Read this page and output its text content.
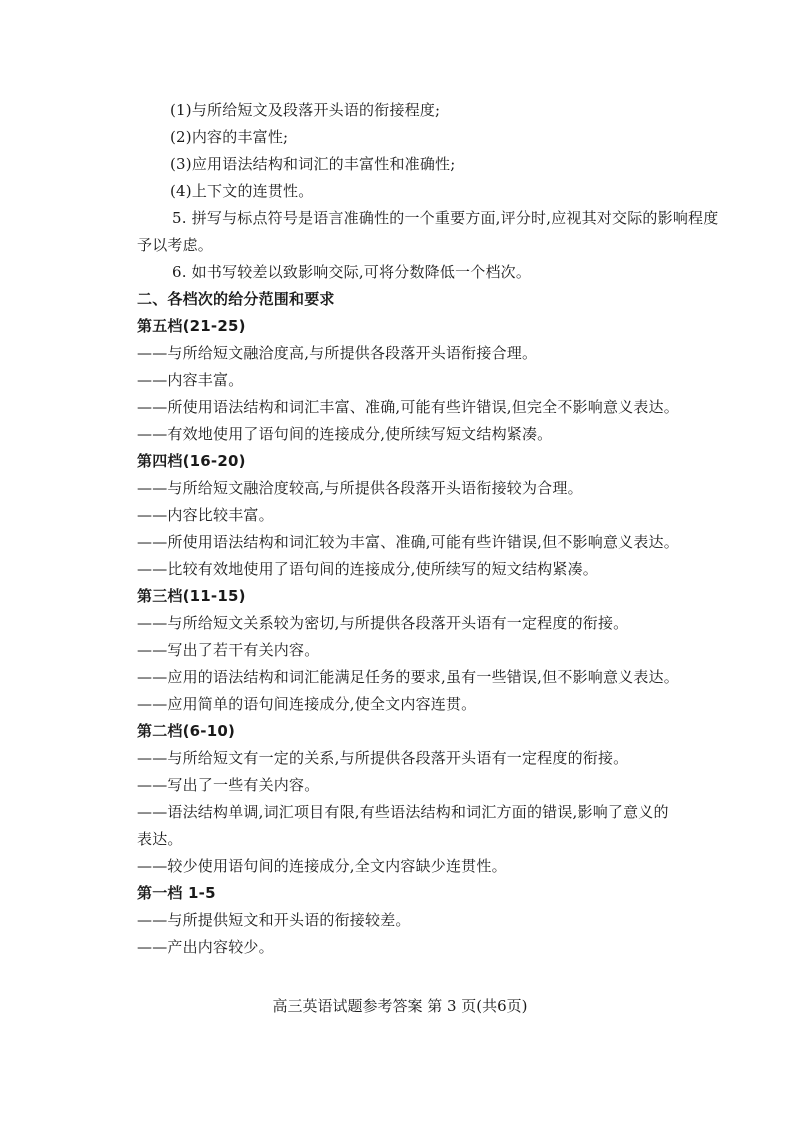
(1)与所给短文及段落开头语的衔接程度;
(2)内容的丰富性;
(3)应用语法结构和词汇的丰富性和准确性;
(4)上下文的连贯性。
5. 拼写与标点符号是语言准确性的一个重要方面,评分时,应视其对交际的影响程度
予以考虑。
6. 如书写较差以致影响交际,可将分数降低一个档次。
二、各档次的给分范围和要求
第五档(21-25)
——与所给短文融洽度高,与所提供各段落开头语衔接合理。
——内容丰富。
——所使用语法结构和词汇丰富、准确,可能有些许错误,但完全不影响意义表达。
——有效地使用了语句间的连接成分,使所续写短文结构紧凑。
第四档(16-20)
——与所给短文融洽度较高,与所提供各段落开头语衔接较为合理。
——内容比较丰富。
——所使用语法结构和词汇较为丰富、准确,可能有些许错误,但不影响意义表达。
——比较有效地使用了语句间的连接成分,使所续写的短文结构紧凑。
第三档(11-15)
——与所给短文关系较为密切,与所提供各段落开头语有一定程度的衔接。
——写出了若干有关内容。
——应用的语法结构和词汇能满足任务的要求,虽有一些错误,但不影响意义表达。
——应用简单的语句间连接成分,使全文内容连贯。
第二档(6-10)
——与所给短文有一定的关系,与所提供各段落开头语有一定程度的衔接。
——写出了一些有关内容。
——语法结构单调,词汇项目有限,有些语法结构和词汇方面的错误,影响了意义的
表达。
——较少使用语句间的连接成分,全文内容缺少连贯性。
第一档 1-5
——与所提供短文和开头语的衔接较差。
——产出内容较少。
高三英语试题参考答案 第 3 页(共6页)
